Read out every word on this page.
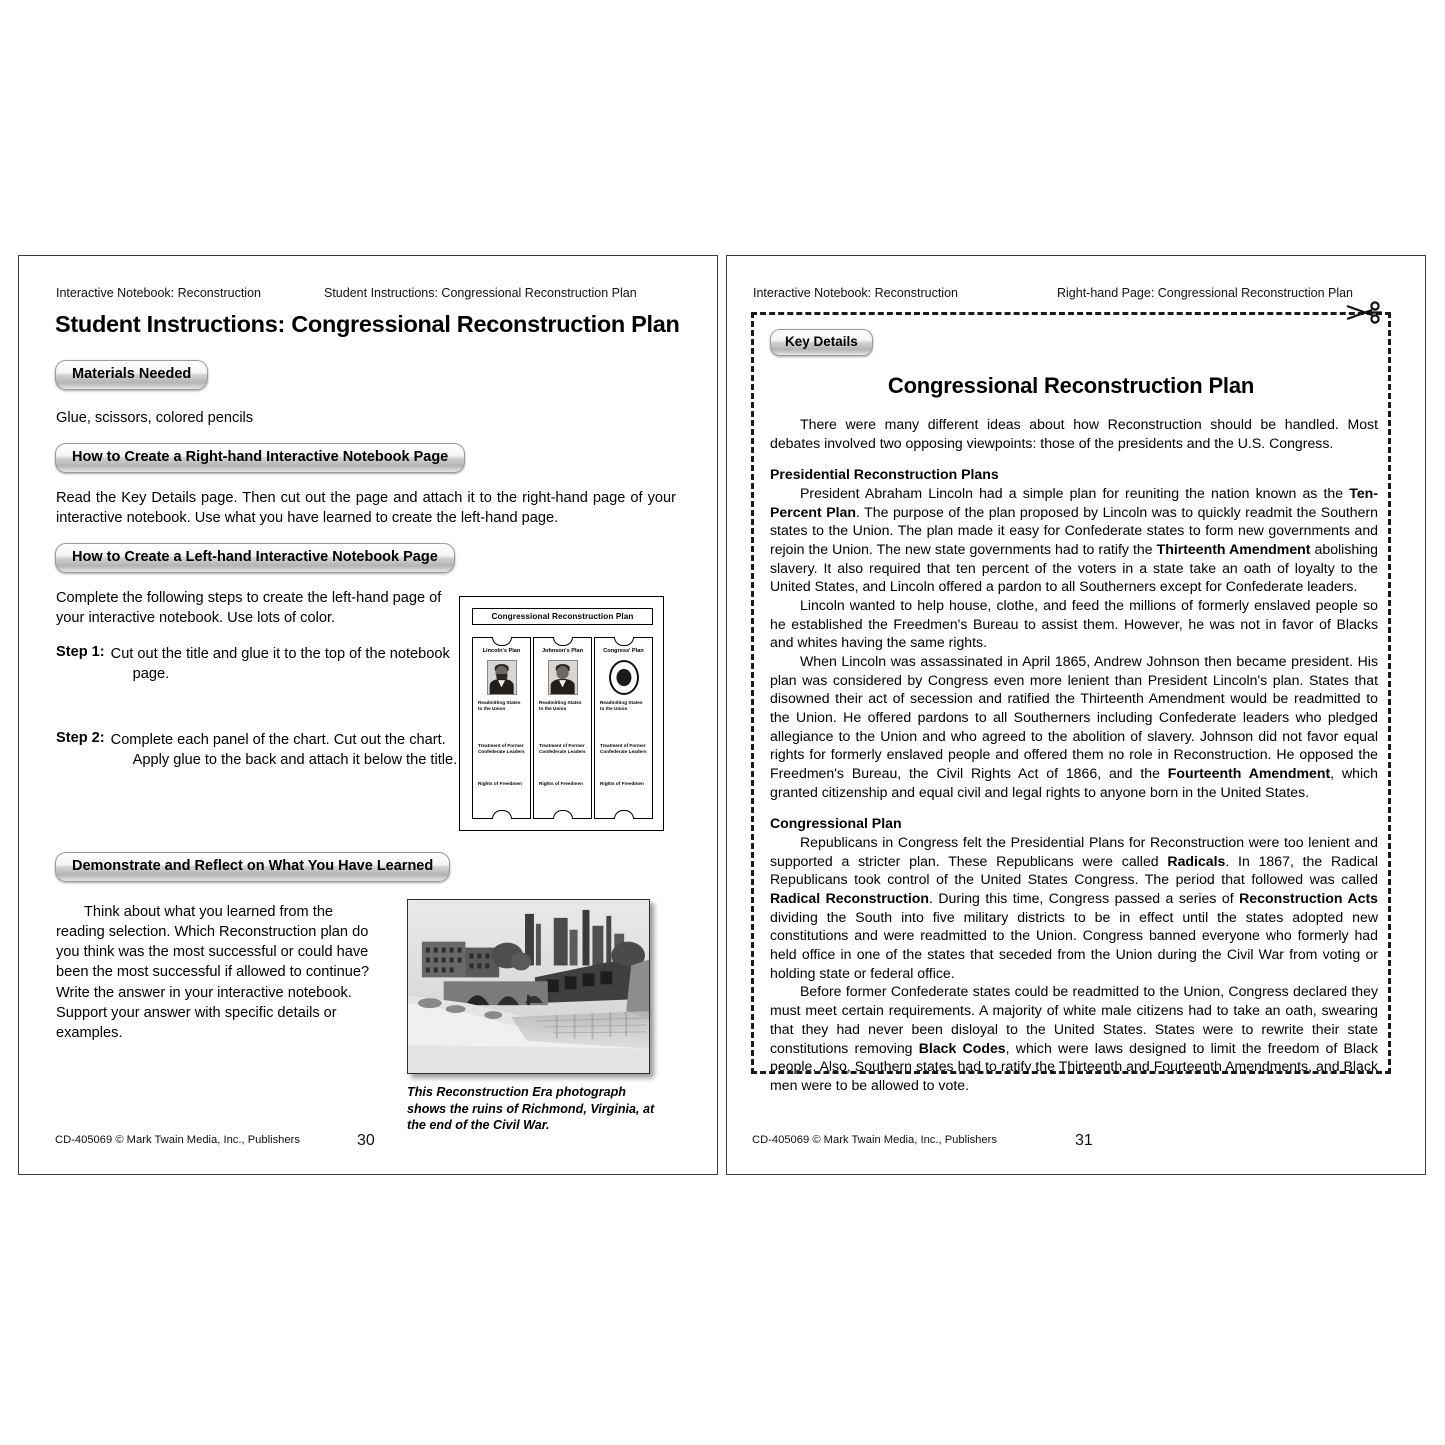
Interactive Notebook: Reconstruction	Student Instructions: Congressional Reconstruction Plan
Student Instructions: Congressional Reconstruction Plan
Materials Needed
Glue, scissors, colored pencils
How to Create a Right-hand Interactive Notebook Page
Read the Key Details page. Then cut out the page and attach it to the right-hand page of your interactive notebook. Use what you have learned to create the left-hand page.
How to Create a Left-hand Interactive Notebook Page
Complete the following steps to create the left-hand page of your interactive notebook. Use lots of color.
Step 1: Cut out the title and glue it to the top of the notebook
page.
Step 2: Complete each panel of the chart. Cut out the chart.
Apply glue to the back and attach it below the title.
Congressional Reconstruction Plan
Lincoln's Plan
Readmitting States to the Union
Treatment of Former Confederate Leaders
Rights of Freedmen
Johnson's Plan
Readmitting States to the Union
Treatment of Former Confederate Leaders
Rights of Freedmen
Congress' Plan
Readmitting States to the Union
Treatment of Former Confederate Leaders
Rights of Freedmen
Demonstrate and Reflect on What You Have Learned
Think about what you learned from the reading selection. Which Reconstruction plan do you think was the most successful or could have been the most successful if allowed to continue? Write the answer in your interactive notebook. Support your answer with specific details or examples.
This Reconstruction Era photograph shows the ruins of Richmond, Virginia, at the end of the Civil War.
CD-405069 © Mark Twain Media, Inc., Publishers	30
Interactive Notebook: Reconstruction	Right-hand Page: Congressional Reconstruction Plan
Key Details
Congressional Reconstruction Plan

There were many different ideas about how Reconstruction should be handled. Most debates involved two opposing viewpoints: those of the presidents and the U.S. Congress.

Presidential Reconstruction Plans

President Abraham Lincoln had a simple plan for reuniting the nation known as the Ten-Percent Plan. The purpose of the plan proposed by Lincoln was to quickly readmit the Southern states to the Union. The plan made it easy for Confederate states to form new governments and rejoin the Union. The new state governments had to ratify the Thirteenth Amendment abolishing slavery. It also required that ten percent of the voters in a state take an oath of loyalty to the United States, and Lincoln offered a pardon to all Southerners except for Confederate leaders.

Lincoln wanted to help house, clothe, and feed the millions of formerly enslaved people so he established the Freedmen's Bureau to assist them. However, he was not in favor of Blacks and whites having the same rights.

When Lincoln was assassinated in April 1865, Andrew Johnson then became president. His plan was considered by Congress even more lenient than President Lincoln's plan. States that disowned their act of secession and ratified the Thirteenth Amendment would be readmitted to the Union. He offered pardons to all Southerners including Confederate leaders who pledged allegiance to the Union and who agreed to the abolition of slavery. Johnson did not favor equal rights for formerly enslaved people and offered them no role in Reconstruction. He opposed the Freedmen's Bureau, the Civil Rights Act of 1866, and the Fourteenth Amendment, which granted citizenship and equal civil and legal rights to anyone born in the United States.

Congressional Plan

Republicans in Congress felt the Presidential Plans for Reconstruction were too lenient and supported a stricter plan. These Republicans were called Radicals. In 1867, the Radical Republicans took control of the United States Congress. The period that followed was called Radical Reconstruction. During this time, Congress passed a series of Reconstruction Acts dividing the South into five military districts to be in effect until the states adopted new constitutions and were readmitted to the Union. Congress banned everyone who formerly had held office in one of the states that seceded from the Union during the Civil War from voting or holding state or federal office.

Before former Confederate states could be readmitted to the Union, Congress declared they must meet certain requirements. A majority of white male citizens had to take an oath, swearing that they had never been disloyal to the United States. States were to rewrite their state constitutions removing Black Codes, which were laws designed to limit the freedom of Black people. Also, Southern states had to ratify the Thirteenth and Fourteenth Amendments, and Black men were to be allowed to vote.

CD-405069 © Mark Twain Media, Inc., Publishers	31
